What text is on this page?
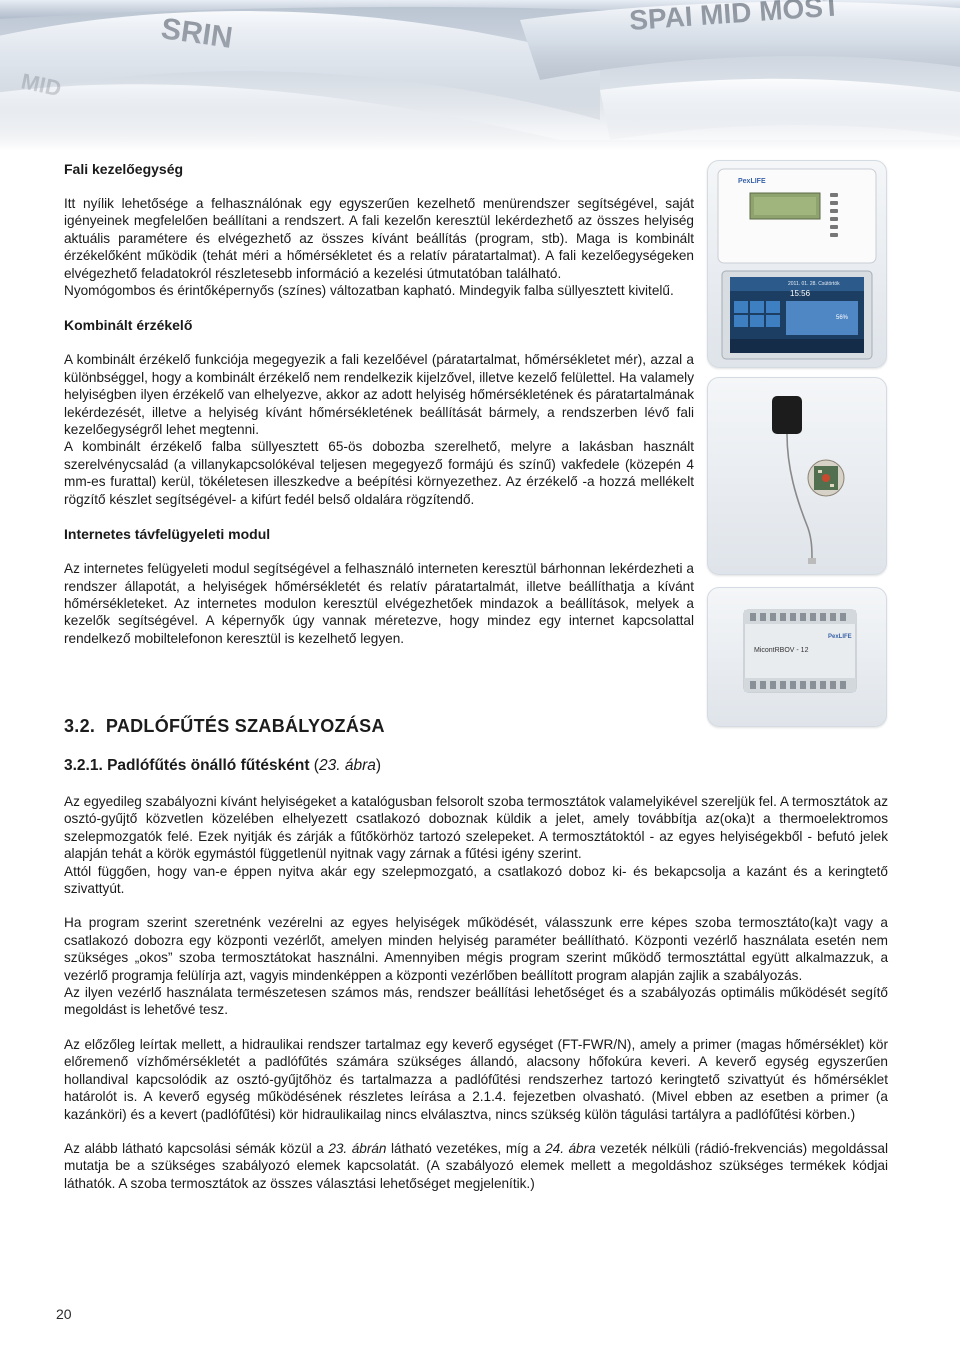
Fali kezelőegység

Itt nyílik lehetősége a felhasználónak egy egyszerűen kezelhető menürendszer segítségével, saját igényeinek megfelelően beállítani a rendszert. A fali kezelőn keresztül lekérdezhető az összes helyiség aktuális paramétere és elvégezhető az összes kívánt beállítás (program, stb). Maga is kombinált érzékelőként működik (tehát méri a hőmérsékletet és a relatív páratartalmat). A fali kezelőegységeken elvégezhető feladatokról részletesebb információ a kezelési útmutatóban található.

Nyomógombos és érintőképernyős (színes) változatban kapható. Mindegyik falba süllyesztett kivitelű.

Kombinált érzékelő

A kombinált érzékelő funkciója megegyezik a fali kezelőével (páratartalmat, hőmérsékletet mér), azzal a különbséggel, hogy a kombinált érzékelő nem rendelkezik kijelzővel, illetve kezelő felülettel. Ha valamely helyiségben ilyen érzékelő van elhelyezve, akkor az adott helyiség hőmérsékletének és páratartalmának lekérdezését, illetve a helyiség kívánt hőmérsékletének beállítását bármely, a rendszerben lévő fali kezelőegységről lehet megtenni.

A kombinált érzékelő falba süllyesztett 65-ös dobozba szerelhető, melyre a lakásban használt szerelvénycsalád (a villanykapcsolókéval teljesen megegyező formájú és színű) vakfedele (közepén 4 mm-es furattal) kerül, tökéletesen illeszkedve a beépítési környezethez. Az érzékelő -a hozzá mellékelt rögzítő készlet segítségével- a kifúrt fedél belső oldalára rögzítendő.

Internetes távfelügyeleti modul

Az internetes felügyeleti modul segítségével a felhasználó interneten keresztül bárhonnan lekérdezheti a rendszer állapotát, a helyiségek hőmérsékletét és relatív páratartalmát, illetve beállíthatja a kívánt hőmérsékleteket. Az internetes modulon keresztül elvégezhetőek mindazok a beállítások, melyek a kezelők segítségével. A képernyők úgy vannak méretezve, hogy mindez egy internet kapcsolattal rendelkező mobiltelefonon keresztül is kezelhető legyen.

PexLIFE
2011. 01. 28. Csütörtök
15:56
56%
PexLIFE
MicontRBOV - 12
3.2. PADLÓFŰTÉS SZABÁLYOZÁSA
3.2.1. Padlófűtés önálló fűtésként (23. ábra)

Az egyedileg szabályozni kívánt helyiségeket a katalógusban felsorolt szoba termosztátok valamelyikével szereljük fel. A termosztátok az osztó-gyűjtő közvetlen közelében elhelyezett csatlakozó doboznak küldik a jelet, amely továbbítja az(oka)t a thermoelektromos szelepmozgatók felé. Ezek nyitják és zárják a fűtőkörhöz tartozó szelepeket. A termosztátoktól - az egyes helyiségekből - befutó jelek alapján tehát a körök egymástól függetlenül nyitnak vagy zárnak a fűtési igény szerint.

Attól függően, hogy van-e éppen nyitva akár egy szelepmozgató, a csatlakozó doboz ki- és bekapcsolja a kazánt és a keringtető szivattyút.

Ha program szerint szeretnénk vezérelni az egyes helyiségek működését, válasszunk erre képes szoba termosztáto(ka)t vagy a csatlakozó dobozra egy központi vezérlőt, amelyen minden helyiség paraméter beállítható. Központi vezérlő használata esetén nem szükséges „okos” szoba termosztátokat használni. Amennyiben mégis program szerint működő termosztáttal együtt alkalmazzuk, a vezérlő programja felülírja azt, vagyis mindenképpen a központi vezérlőben beállított program alapján zajlik a szabályozás.

Az ilyen vezérlő használata természetesen számos más, rendszer beállítási lehetőséget és a szabályozás optimális működését segítő megoldást is lehetővé tesz.

Az előzőleg leírtak mellett, a hidraulikai rendszer tartalmaz egy keverő egységet (FT-FWR/N), amely a primer (magas hőmérséklet) kör előremenő vízhőmérsékletét a padlófűtés számára szükséges állandó, alacsony hőfokúra keveri. A keverő egység egyszerűen hollandival kapcsolódik az osztó-gyűjtőhöz és tartalmazza a padlófűtési rendszerhez tartozó keringtető szivattyút és hőmérséklet határolót is. A keverő egység működésének részletes leírása a 2.1.4. fejezetben olvasható. (Mivel ebben az esetben a primer (a kazánköri) és a kevert (padlófűtési) kör hidraulikailag nincs elválasztva, nincs szükség külön tágulási tartályra a padlófűtési körben.)

Az alább látható kapcsolási sémák közül a 23. ábrán látható vezetékes, míg a 24. ábra vezeték nélküli (rádió-frekvenciás) megoldással mutatja be a szükséges szabályozó elemek kapcsolatát. (A szabályozó elemek mellett a megoldáshoz szükséges termékek kódjai láthatók. A szoba termosztátok az összes választási lehetőséget megjelenítik.)

20
